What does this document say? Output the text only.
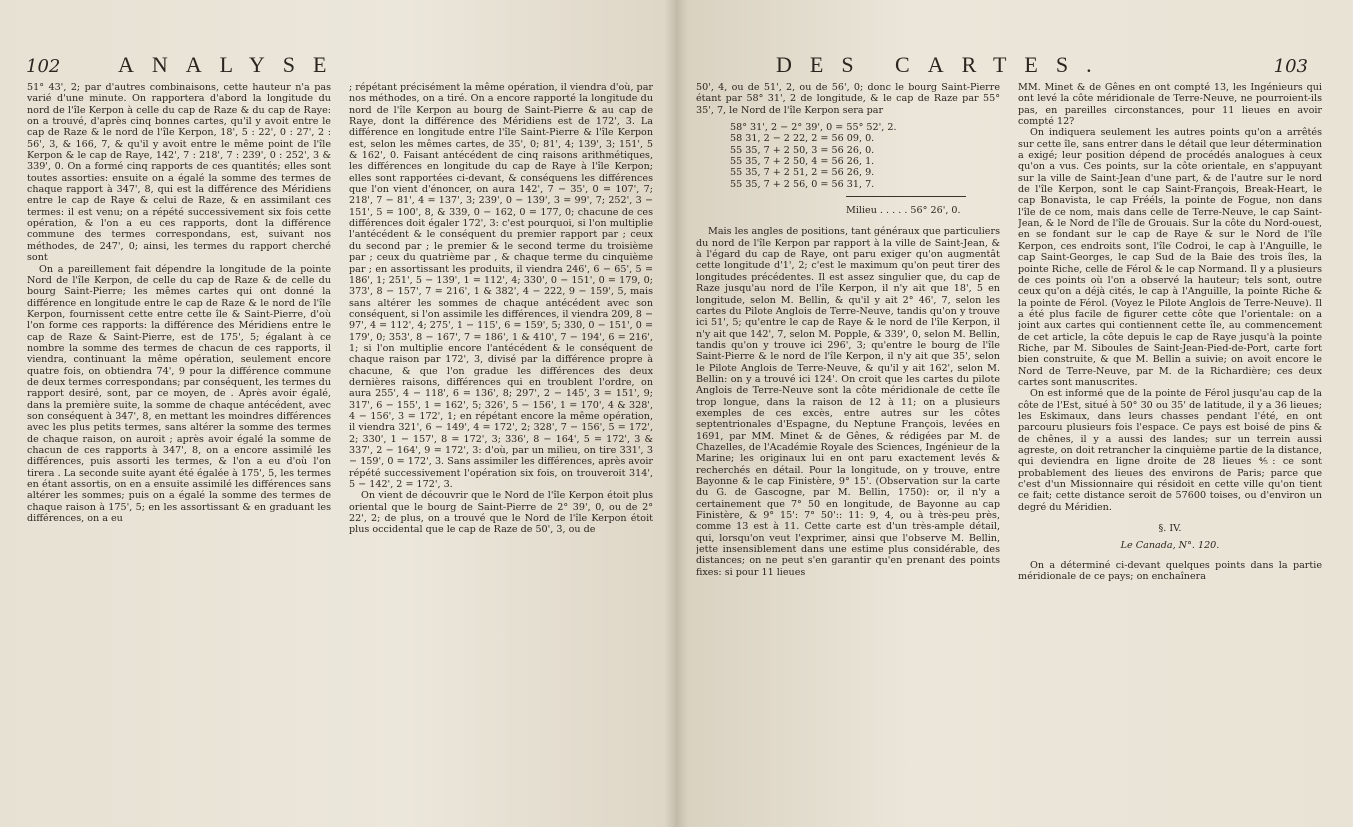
102	ANALYSE

51° 43', 2; par d'autres combinaisons, cette hauteur n'a pas varié d'une minute. On rapportera d'abord la longitude du nord de l'île Kerpon à celle du cap de Raze & du cap de Raye: on a trouvé, d'après cinq bonnes cartes, qu'il y avoit entre le cap de Raze & le nord de l'île Kerpon, 18', 5 : 22', 0 : 27', 2 : 56', 3, & 166, 7, & qu'il y avoit entre le même point de l'île Kerpon & le cap de Raye, 142', 7 : 218', 7 : 239', 0 : 252', 3 & 339', 0. On a formé cinq rapports de ces quantités; elles sont toutes assorties: ensuite on a égalé la somme des termes de chaque rapport à 347', 8, qui est la différence des Méridiens entre le cap de Raye & celui de Raze, & en assimilant ces termes: il est venu; on a répété successivement six fois cette opération, & l'on a eu ces rapports, dont la différence commune des termes correspondans, est, suivant nos méthodes, de 247', 0; ainsi, les termes du rapport cherché sont

On a pareillement fait dépendre la longitude de la pointe Nord de l'île Kerpon, de celle du cap de Raze & de celle du bourg Saint-Pierre; les mêmes cartes qui ont donné la différence en longitude entre le cap de Raze & le nord de l'île Kerpon, fournissent cette entre cette île & Saint-Pierre, d'où l'on forme ces rapports: la différence des Méridiens entre le cap de Raze & Saint-Pierre, est de 175', 5; égalant à ce nombre la somme des termes de chacun de ces rapports, il viendra, continuant la même opération, seulement encore quatre fois, on obtiendra 74', 9 pour la différence commune de deux termes correspondans; par conséquent, les termes du rapport desiré, sont, par ce moyen, de . Après avoir égalé, dans la première suite, la somme de chaque antécédent, avec son conséquent à 347', 8, en mettant les moindres différences avec les plus petits termes, sans altérer la somme des termes de chaque raison, on auroit ; après avoir égalé la somme de chacun de ces rapports à 347', 8, on a encore assimilé les différences, puis assorti les termes, & l'on a eu d'où l'on tirera . La seconde suite ayant été égalée à 175', 5, les termes en étant assortis, on en a ensuite assimilé les différences sans altérer les sommes; puis on a égalé la somme des termes de chaque raison à 175', 5; en les assortissant & en graduant les différences, on a eu

; répétant précisément la même opération, il viendra d'où, par nos méthodes, on a tiré. On a encore rapporté la longitude du nord de l'île Kerpon au bourg de Saint-Pierre & au cap de Raye, dont la différence des Méridiens est de 172', 3. La différence en longitude entre l'île Saint-Pierre & l'île Kerpon est, selon les mêmes cartes, de 35', 0; 81', 4; 139', 3; 151', 5 & 162', 0. Faisant antécédent de cinq raisons arithmétiques, les différences en longitude du cap de Raye à l'île Kerpon; elles sont rapportées ci-devant, & conséquens les différences que l'on vient d'énoncer, on aura 142', 7 − 35', 0 = 107', 7; 218', 7 − 81', 4 = 137', 3; 239', 0 − 139', 3 = 99', 7; 252', 3 − 151', 5 = 100', 8, & 339, 0 − 162, 0 = 177, 0; chacune de ces différences doit égaler 172', 3: c'est pourquoi, si l'on multiplie l'antécédent & le conséquent du premier rapport par ; ceux du second par ; le premier & le second terme du troisième par ; ceux du quatrième par , & chaque terme du cinquième par ; en assortissant les produits, il viendra 246', 6 − 65', 5 = 186', 1; 251', 5 − 139', 1 = 112', 4; 330', 0 − 151', 0 = 179, 0; 373', 8 − 157', 7 = 216', 1 & 382', 4 − 222, 9 − 159', 5, mais sans altérer les sommes de chaque antécédent avec son conséquent, si l'on assimile les différences, il viendra 209, 8 − 97', 4 = 112', 4; 275', 1 − 115', 6 = 159', 5; 330, 0 − 151', 0 = 179', 0; 353', 8 − 167', 7 = 186', 1 & 410', 7 − 194', 6 = 216', 1; si l'on multiplie encore l'antécédent & le conséquent de chaque raison par 172', 3, divisé par la différence propre à chacune, & que l'on gradue les différences des deux dernières raisons, différences qui en troublent l'ordre, on aura 255', 4 − 118', 6 = 136', 8; 297', 2 − 145', 3 = 151', 9; 317', 6 − 155', 1 = 162', 5; 326', 5 − 156', 1 = 170', 4 & 328', 4 − 156', 3 = 172', 1; en répétant encore la même opération, il viendra 321', 6 − 149', 4 = 172', 2; 328', 7 − 156', 5 = 172', 2; 330', 1 − 157', 8 = 172', 3; 336', 8 − 164', 5 = 172', 3 & 337', 2 − 164', 9 = 172', 3: d'où, par un milieu, on tire 331', 3 − 159', 0 = 172', 3. Sans assimiler les différences, après avoir répété successivement l'opération six fois, on trouveroit 314', 5 − 142', 2 = 172', 3.

On vient de découvrir que le Nord de l'île Kerpon étoit plus oriental que le bourg de Saint-Pierre de 2° 39', 0, ou de 2° 22', 2; de plus, on a trouvé que le Nord de l'île Kerpon étoit plus occidental que le cap de Raze de 50', 3, ou de

DES CARTES.	103

50', 4, ou de 51', 2, ou de 56', 0; donc le bourg Saint-Pierre étant par 58° 31', 2 de longitude, & le cap de Raze par 55° 35', 7, le Nord de l'île Kerpon sera par

58° 31', 2 − 2° 39', 0 = 55° 52', 2.
58 31, 2 − 2 22, 2 = 56 09, 0.
55 35, 7 + 2 50, 3 = 56 26, 0.
55 35, 7 + 2 50, 4 = 56 26, 1.
55 35, 7 + 2 51, 2 = 56 26, 9.
55 35, 7 + 2 56, 0 = 56 31, 7.
Milieu . . . . . 56° 26', 0.

Mais les angles de positions, tant généraux que particuliers du nord de l'île Kerpon par rapport à la ville de Saint-Jean, & à l'égard du cap de Raye, ont paru exiger qu'on augmentât cette longitude d'1', 2; c'est le maximum qu'on peut tirer des longitudes précédentes. Il est assez singulier que, du cap de Raze jusqu'au nord de l'île Kerpon, il n'y ait que 18', 5 en longitude, selon M. Bellin, & qu'il y ait 2° 46', 7, selon les cartes du Pilote Anglois de Terre-Neuve, tandis qu'on y trouve ici 51', 5; qu'entre le cap de Raye & le nord de l'île Kerpon, il n'y ait que 142', 7, selon M. Popple, & 339', 0, selon M. Bellin, tandis qu'on y trouve ici 296', 3; qu'entre le bourg de l'île Saint-Pierre & le nord de l'île Kerpon, il n'y ait que 35', selon le Pilote Anglois de Terre-Neuve, & qu'il y ait 162', selon M. Bellin: on y a trouvé ici 124'. On croit que les cartes du pilote Anglois de Terre-Neuve sont la côte méridionale de cette île trop longue, dans la raison de 12 à 11; on a plusieurs exemples de ces excès, entre autres sur les côtes septentrionales d'Espagne, du Neptune François, levées en 1691, par MM. Minet & de Gênes, & rédigées par M. de Chazelles, de l'Académie Royale des Sciences, Ingénieur de la Marine; les originaux lui en ont paru exactement levés & recherchés en détail. Pour la longitude, on y trouve, entre Bayonne & le cap Finistère, 9° 15'. (Observation sur la carte du G. de Gascogne, par M. Bellin, 1750): or, il n'y a certainement que 7° 50 en longitude, de Bayonne au cap Finistère, & 9° 15': 7° 50':: 11: 9, 4, ou à très-peu près, comme 13 est à 11. Cette carte est d'un très-ample détail, qui, lorsqu'on veut l'exprimer, ainsi que l'observe M. Bellin, jette insensiblement dans une estime plus considérable, des distances; on ne peut s'en garantir qu'en prenant des points fixes: si pour 11 lieues

MM. Minet & de Gênes en ont compté 13, les Ingénieurs qui ont levé la côte méridionale de Terre-Neuve, ne pourroient-ils pas, en pareilles circonstances, pour 11 lieues en avoir compté 12?

On indiquera seulement les autres points qu'on a arrêtés sur cette île, sans entrer dans le détail que leur détermination a exigé; leur position dépend de procédés analogues à ceux qu'on a vus. Ces points, sur la côte orientale, en s'appuyant sur la ville de Saint-Jean d'une part, & de l'autre sur le nord de l'île Kerpon, sont le cap Saint-François, Break-Heart, le cap Bonavista, le cap Frééls, la pointe de Fogue, non dans l'île de ce nom, mais dans celle de Terre-Neuve, le cap Saint-Jean, & le Nord de l'île de Grouais. Sur la côte du Nord-ouest, en se fondant sur le cap de Raye & sur le Nord de l'île Kerpon, ces endroits sont, l'île Codroi, le cap à l'Anguille, le cap Saint-Georges, le cap Sud de la Baie des trois îles, la pointe Riche, celle de Férol & le cap Normand. Il y a plusieurs de ces points où l'on a observé la hauteur; tels sont, outre ceux qu'on a déjà cités, le cap à l'Anguille, la pointe Riche & la pointe de Férol. (Voyez le Pilote Anglois de Terre-Neuve). Il a été plus facile de figurer cette côte que l'orientale: on a joint aux cartes qui contiennent cette île, au commencement de cet article, la côte depuis le cap de Raye jusqu'à la pointe Riche, par M. Siboules de Saint-Jean-Pied-de-Port, carte fort bien construite, & que M. Bellin a suivie; on avoit encore le Nord de Terre-Neuve, par M. de la Richardière; ces deux cartes sont manuscrites.

On est informé que de la pointe de Férol jusqu'au cap de la côte de l'Est, situé à 50° 30 ou 35' de latitude, il y a 36 lieues; les Eskimaux, dans leurs chasses pendant l'été, en ont parcouru plusieurs fois l'espace. Ce pays est boisé de pins & de chênes, il y a aussi des landes; sur un terrein aussi agreste, on doit retrancher la cinquième partie de la distance, qui deviendra en ligne droite de 28 lieues ⅘: ce sont probablement des lieues des environs de Paris; parce que c'est d'un Missionnaire qui résidoit en cette ville qu'on tient ce fait; cette distance seroit de 57600 toises, ou d'environ un degré du Méridien.

§. IV.
Le Canada, N°. 120.

On a déterminé ci-devant quelques points dans la partie méridionale de ce pays; on enchaînera
